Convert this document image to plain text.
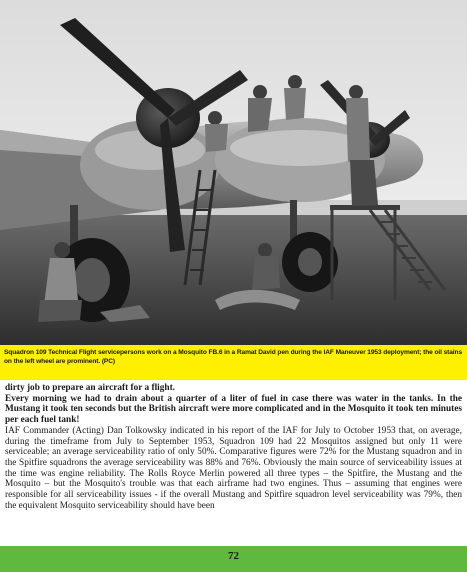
Squadron 109 Technical Flight servicepersons work on a Mosquito FB.6 in a Ramat David pen during the IAF Maneuver 1953 deployment; the oil stains on the left wheel are prominent. (PC)

dirty job to prepare an aircraft for a flight.

Every morning we had to drain about a quarter of a liter of fuel in case there was water in the tanks. In the Mustang it took ten seconds but the British aircraft were more complicated and in the Mosquito it took ten minutes per each fuel tank!

IAF Commander (Acting) Dan Tolkowsky indicated in his report of the IAF for July to October 1953 that, on average, during the timeframe from July to September 1953, Squadron 109 had 22 Mosquitos assigned but only 11 were serviceable; an average serviceability ratio of only 50%. Comparative figures were 72% for the Mustang squadron and in the Spitfire squadrons the average serviceability was 88% and 76%. Obviously the main source of serviceability issues at the time was engine reliability. The Rolls Royce Merlin powered all three types – the Spitfire, the Mustang and the Mosquito – but the Mosquito's trouble was that each airframe had two engines. Thus – assuming that engines were responsible for all serviceability issues - if the overall Mustang and Spitfire squadron level serviceability was 79%, then the equivalent Mosquito serviceability should have been

72
